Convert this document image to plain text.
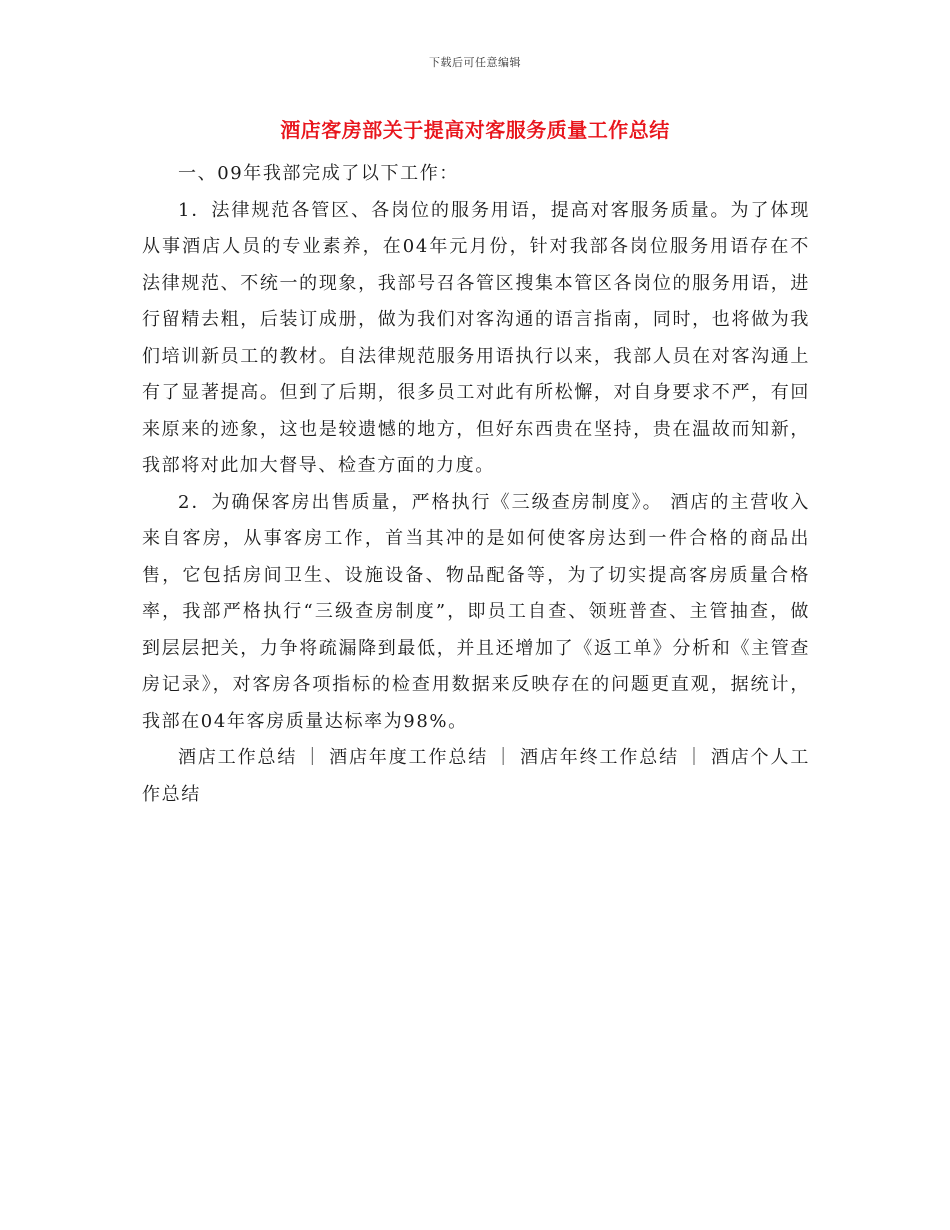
下载后可任意编辑
酒店客房部关于提高对客服务质量工作总结

一、09年我部完成了以下工作：

1．法律规范各管区、各岗位的服务用语，提高对客服务质量。为了体现从事酒店人员的专业素养，在04年元月份，针对我部各岗位服务用语存在不法律规范、不统一的现象，我部号召各管区搜集本管区各岗位的服务用语，进行留精去粗，后装订成册，做为我们对客沟通的语言指南，同时，也将做为我们培训新员工的教材。自法律规范服务用语执行以来，我部人员在对客沟通上有了显著提高。但到了后期，很多员工对此有所松懈，对自身要求不严，有回来原来的迹象，这也是较遗憾的地方，但好东西贵在坚持，贵在温故而知新，我部将对此加大督导、检查方面的力度。

2．为确保客房出售质量，严格执行《三级查房制度》。 酒店的主营收入来自客房，从事客房工作，首当其冲的是如何使客房达到一件合格的商品出售，它包括房间卫生、设施设备、物品配备等，为了切实提高客房质量合格率，我部严格执行“三级查房制度”，即员工自查、领班普查、主管抽查，做到层层把关，力争将疏漏降到最低，并且还增加了《返工单》分析和《主管查房记录》，对客房各项指标的检查用数据来反映存在的问题更直观，据统计，我部在04年客房质量达标率为98%。

酒店工作总结 ｜ 酒店年度工作总结 ｜ 酒店年终工作总结 ｜ 酒店个人工作总结
